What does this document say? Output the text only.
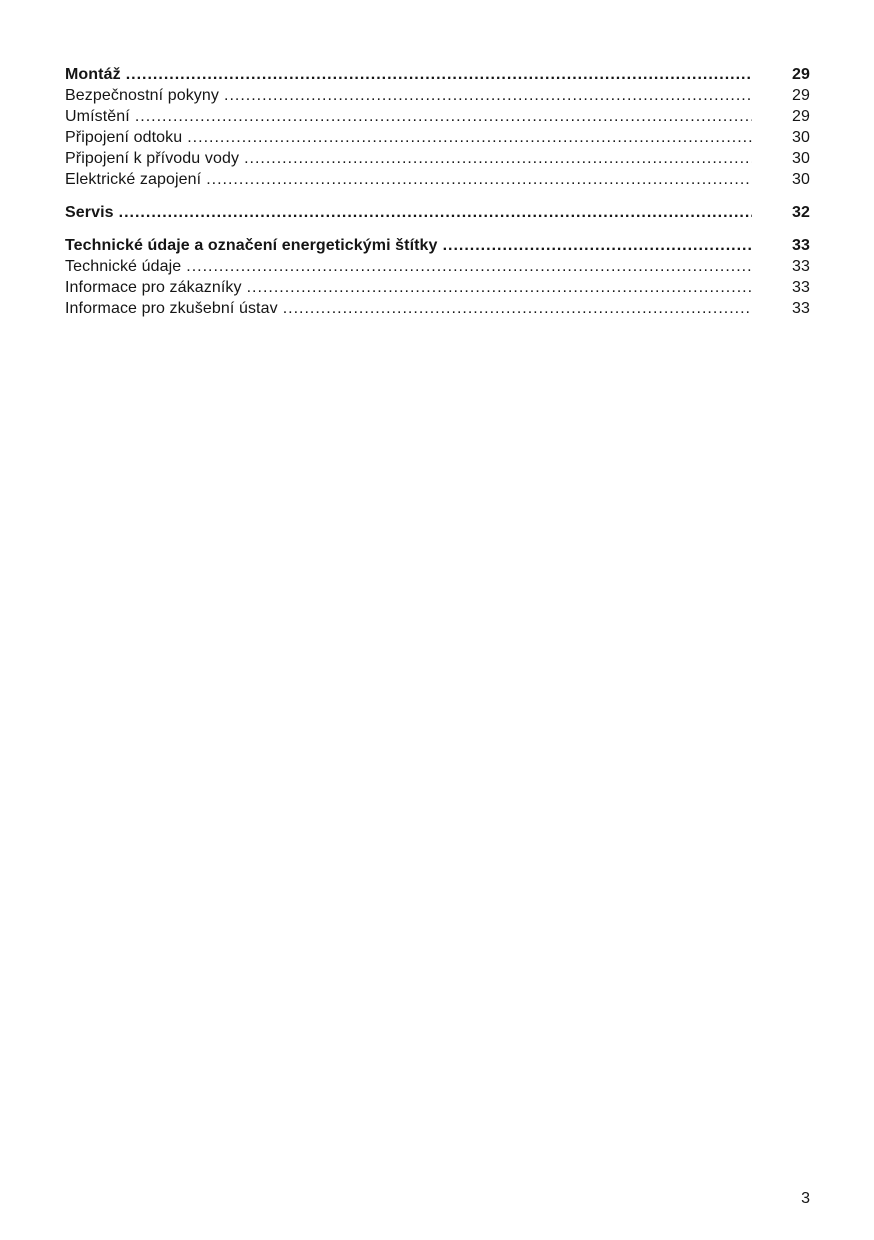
Montáž .....	29
Bezpečnostní pokyny .....	29
Umístění .....	29
Připojení odtoku .....	30
Připojení k přívodu vody .....	30
Elektrické zapojení .....	30
Servis .....	32
Technické údaje a označení energetickými štítky .....	33
Technické údaje .....	33
Informace pro zákazníky .....	33
Informace pro zkušební ústav .....	33
3
